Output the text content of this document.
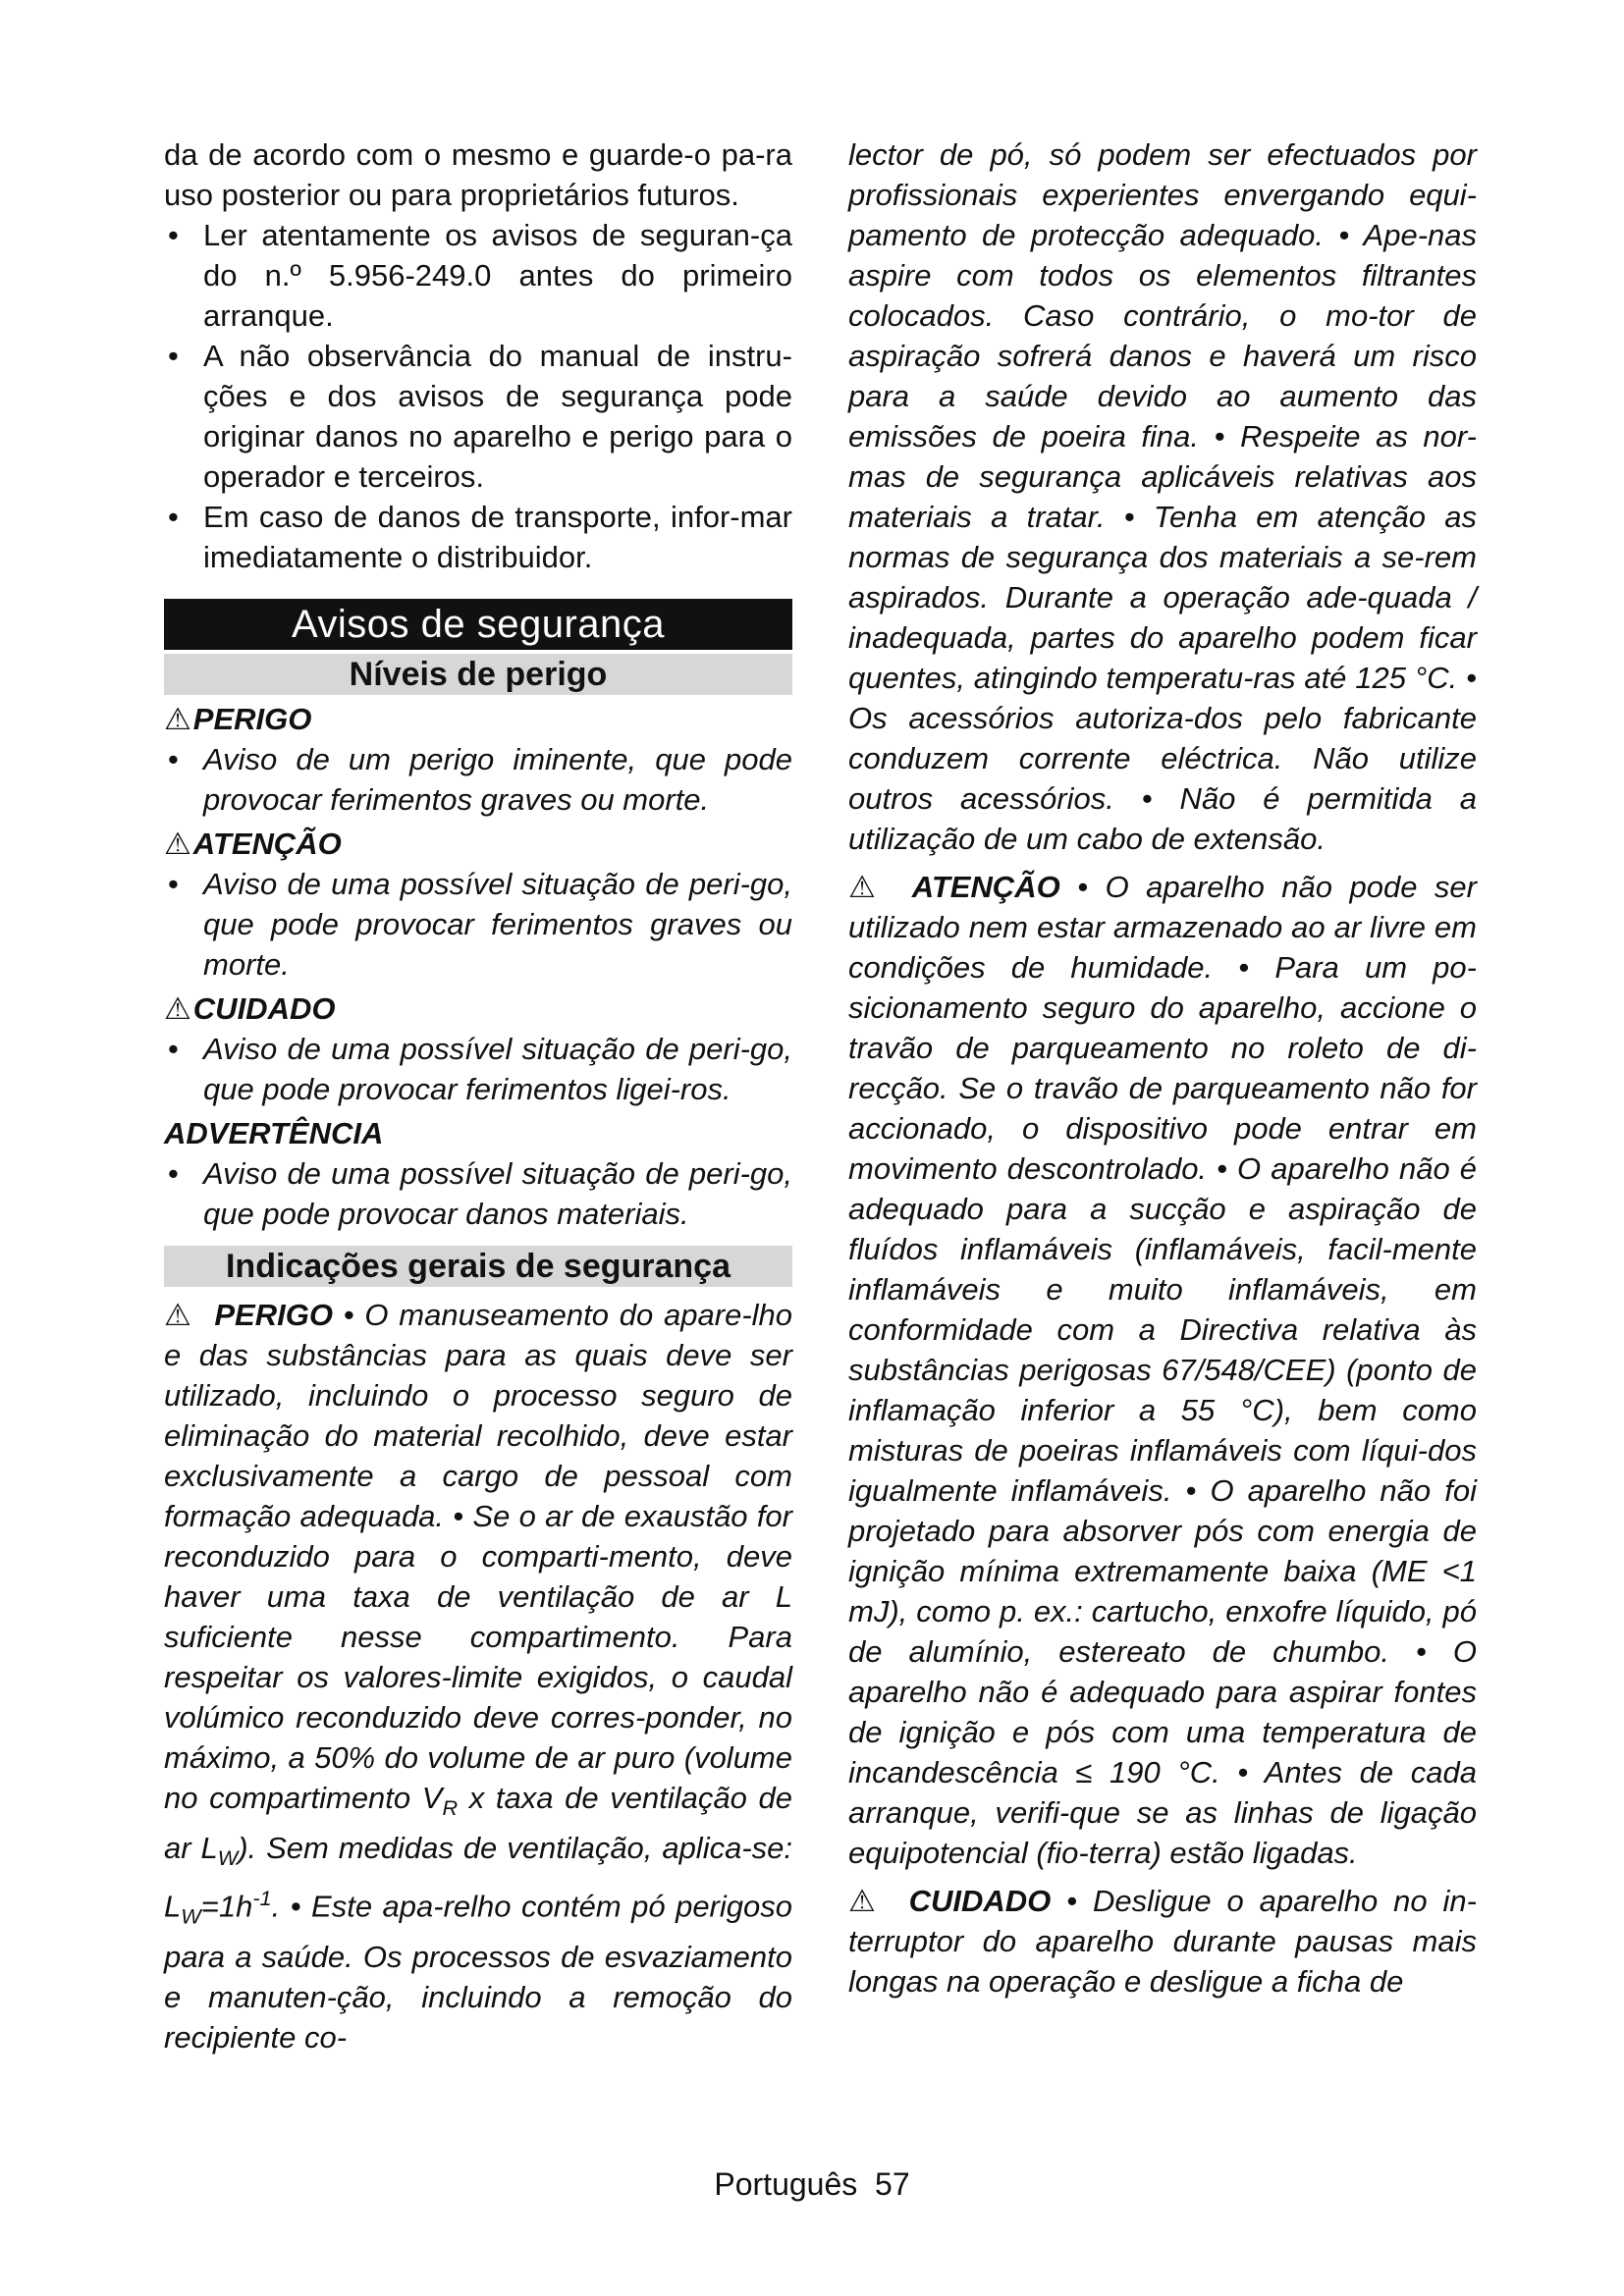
da de acordo com o mesmo e guarde-o pa-ra uso posterior ou para proprietários futuros.

• Ler atentamente os avisos de seguran-ça do n.º 5.956-249.0 antes do primeiro arranque.
• A não observância do manual de instru-ções e dos avisos de segurança pode originar danos no aparelho e perigo para o operador e terceiros.
• Em caso de danos de transporte, infor-mar imediatamente o distribuidor.
Avisos de segurança
Níveis de perigo
⚠PERIGO
• Aviso de um perigo iminente, que pode provocar ferimentos graves ou morte.
⚠ATENÇÃO
• Aviso de uma possível situação de peri-go, que pode provocar ferimentos graves ou morte.
⚠CUIDADO
• Aviso de uma possível situação de peri-go, que pode provocar ferimentos ligei-ros.
ADVERTÊNCIA
• Aviso de uma possível situação de peri-go, que pode provocar danos materiais.
Indicações gerais de segurança

⚠ PERIGO • O manuseamento do apare-lho e das substâncias para as quais deve ser utilizado, incluindo o processo seguro de eliminação do material recolhido, deve estar exclusivamente a cargo de pessoal com formação adequada. • Se o ar de exaustão for reconduzido para o comparti-mento, deve haver uma taxa de ventilação de ar L suficiente nesse compartimento. Para respeitar os valores-limite exigidos, o caudal volúmico reconduzido deve corres-ponder, no máximo, a 50% do volume de ar puro (volume no compartimento $V_R$ x taxa de ventilação de ar $L_W$). Sem medidas de ventilação, aplica-se: $L_W=1h^{-1}$. • Este apa-relho contém pó perigoso para a saúde. Os processos de esvaziamento e manuten-ção, incluindo a remoção do recipiente co-

lector de pó, só podem ser efectuados por profissionais experientes envergando equi-pamento de protecção adequado. • Ape-nas aspire com todos os elementos filtrantes colocados. Caso contrário, o mo-tor de aspiração sofrerá danos e haverá um risco para a saúde devido ao aumento das emissões de poeira fina. • Respeite as nor-mas de segurança aplicáveis relativas aos materiais a tratar. • Tenha em atenção as normas de segurança dos materiais a se-rem aspirados. Durante a operação ade-quada / inadequada, partes do aparelho podem ficar quentes, atingindo temperatu-ras até 125 °C. • Os acessórios autoriza-dos pelo fabricante conduzem corrente eléctrica. Não utilize outros acessórios. • Não é permitida a utilização de um cabo de extensão.

⚠ ATENÇÃO • O aparelho não pode ser utilizado nem estar armazenado ao ar livre em condições de humidade. • Para um po-sicionamento seguro do aparelho, accione o travão de parqueamento no roleto de di-recção. Se o travão de parqueamento não for accionado, o dispositivo pode entrar em movimento descontrolado. • O aparelho não é adequado para a sucção e aspiração de fluídos inflamáveis (inflamáveis, facil-mente inflamáveis e muito inflamáveis, em conformidade com a Directiva relativa às substâncias perigosas 67/548/CEE) (ponto de inflamação inferior a 55 °C), bem como misturas de poeiras inflamáveis com líqui-dos igualmente inflamáveis. • O aparelho não foi projetado para absorver pós com energia de ignição mínima extremamente baixa (ME <1 mJ), como p. ex.: cartucho, enxofre líquido, pó de alumínio, estereato de chumbo. • O aparelho não é adequado para aspirar fontes de ignição e pós com uma temperatura de incandescência ≤ 190 °C. • Antes de cada arranque, verifi-que se as linhas de ligação equipotencial (fio-terra) estão ligadas.

⚠ CUIDADO • Desligue o aparelho no in-terruptor do aparelho durante pausas mais longas na operação e desligue a ficha de

Português 57
